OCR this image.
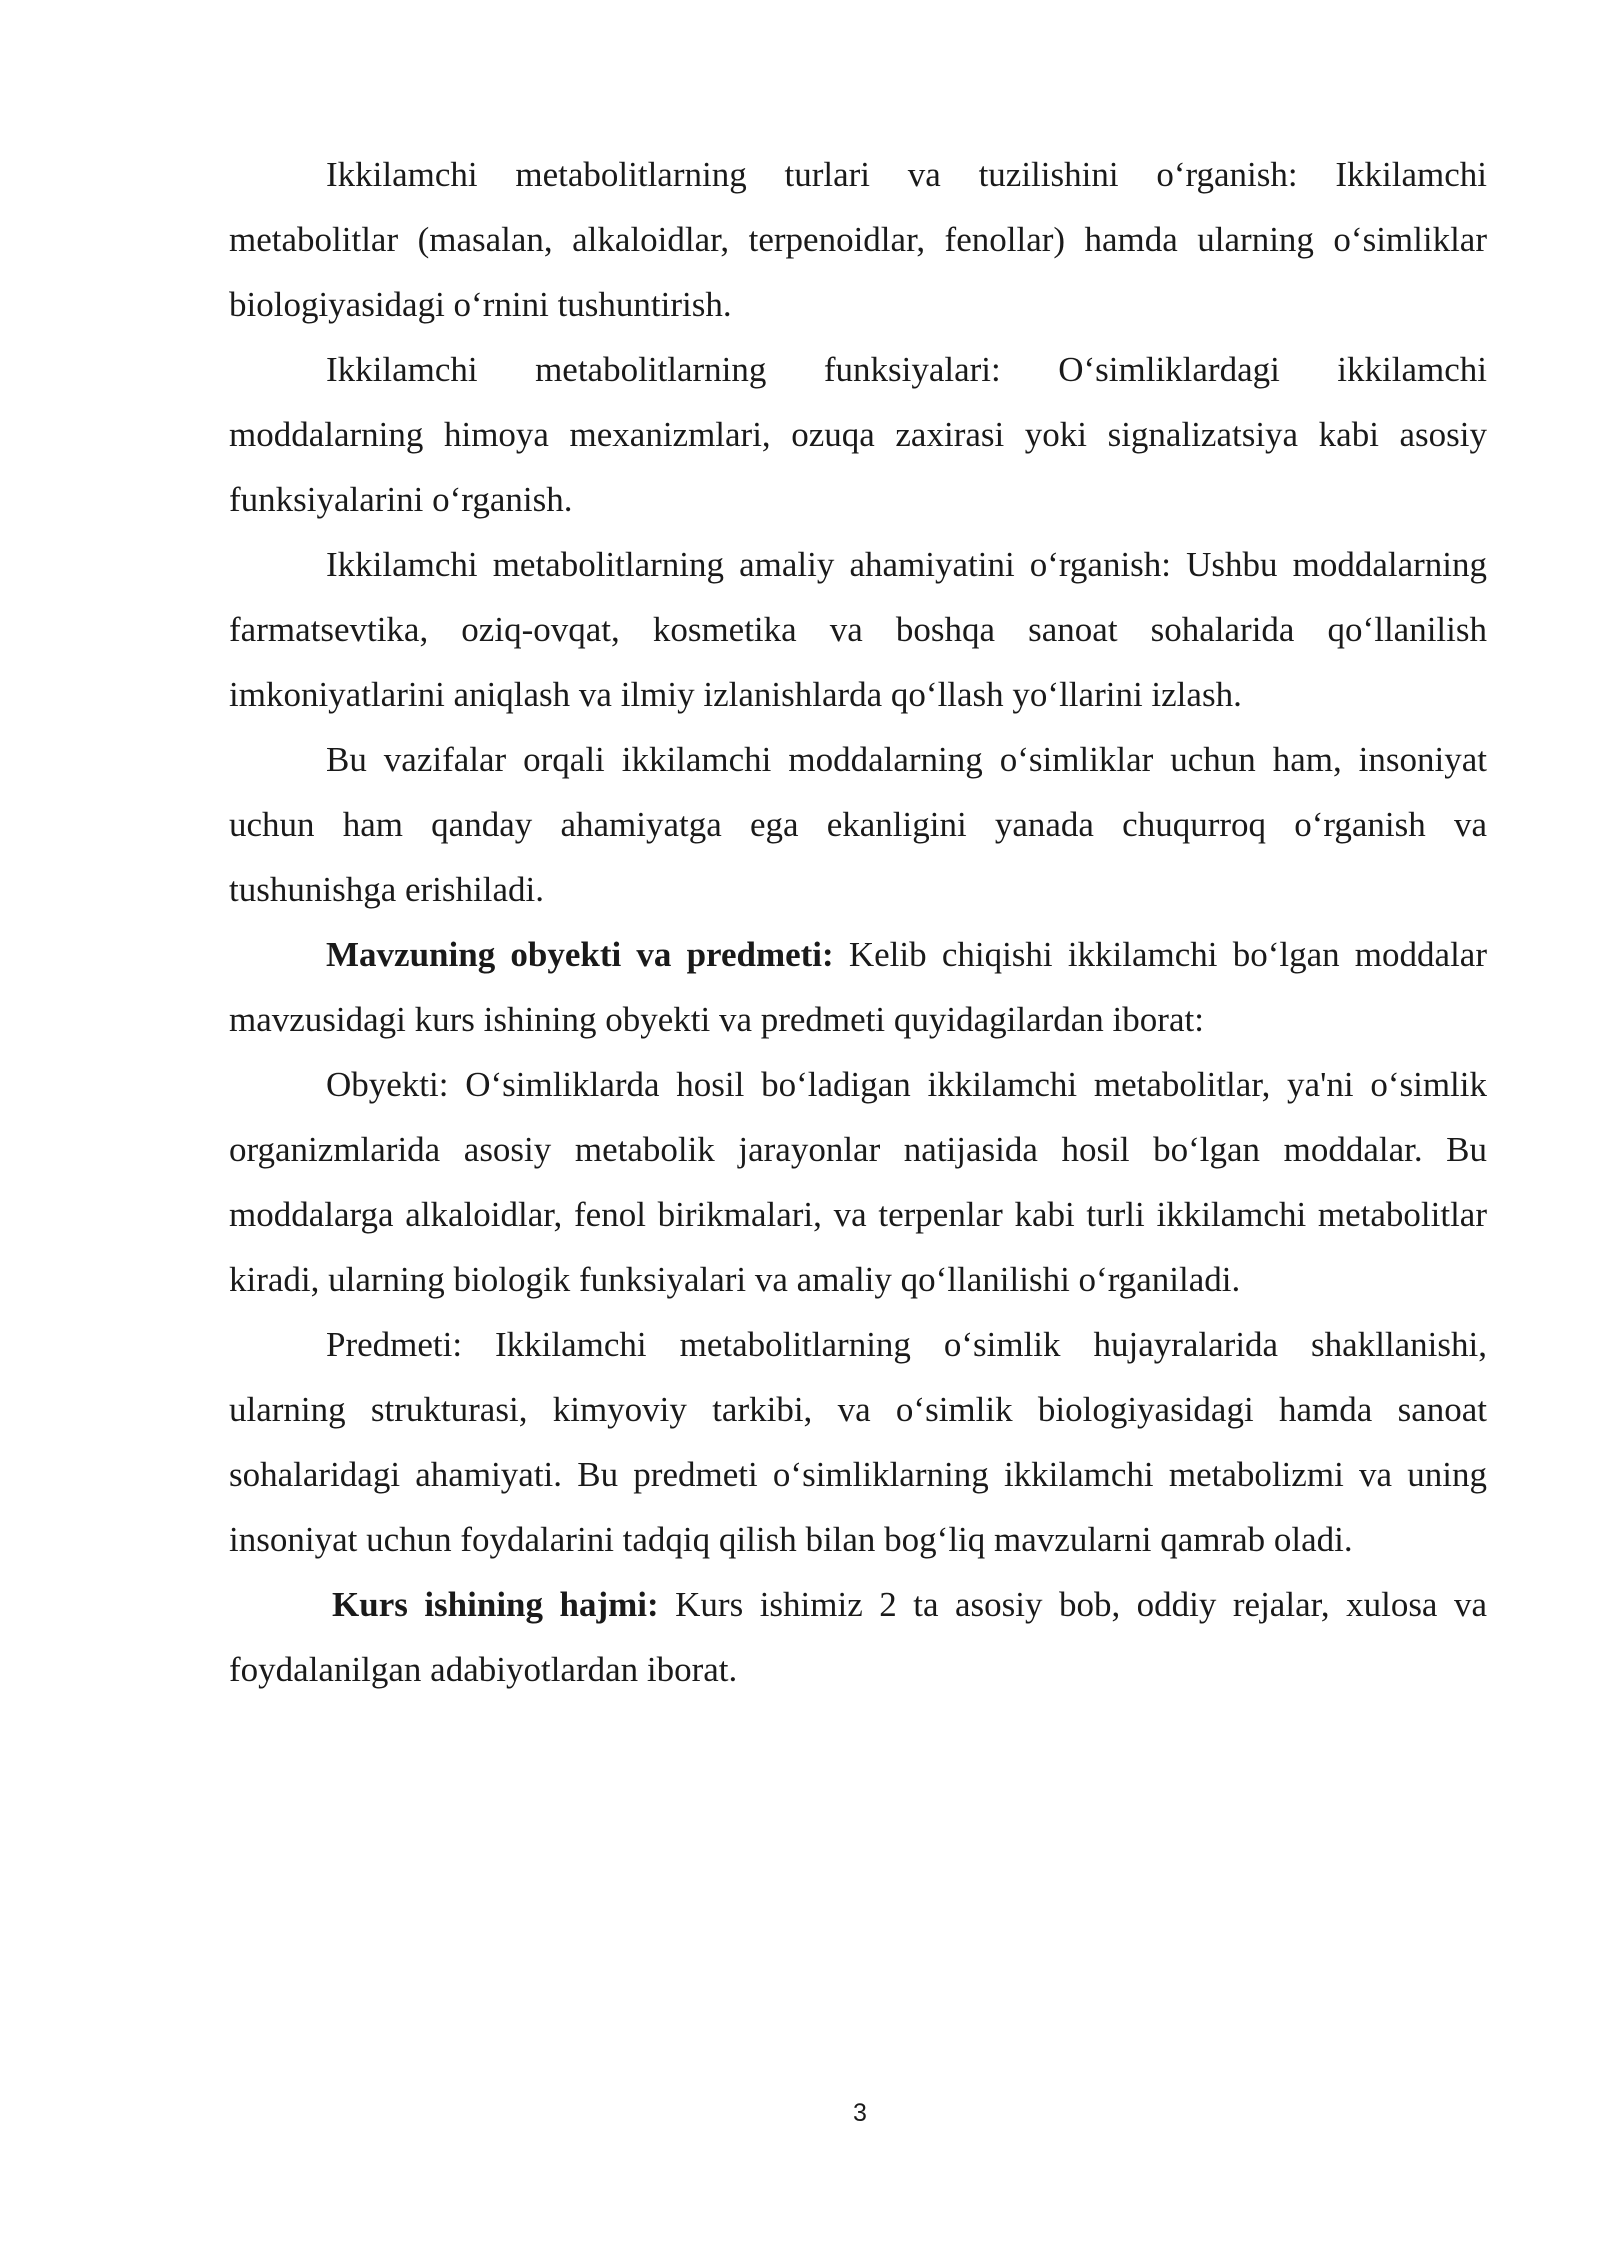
Ikkilamchi metabolitlarning turlari va tuzilishini o‘rganish: Ikkilamchi metabolitlar (masalan, alkaloidlar, terpenoidlar, fenollar) hamda ularning o‘simliklar biologiyasidagi o‘rnini tushuntirish.

Ikkilamchi metabolitlarning funksiyalari: O‘simliklardagi ikkilamchi moddalarning himoya mexanizmlari, ozuqa zaxirasi yoki signalizatsiya kabi asosiy funksiyalarini o‘rganish.

Ikkilamchi metabolitlarning amaliy ahamiyatini o‘rganish: Ushbu moddalarning farmatsevtika, oziq-ovqat, kosmetika va boshqa sanoat sohalarida qo‘llanilish imkoniyatlarini aniqlash va ilmiy izlanishlarda qo‘llash yo‘llarini izlash.

Bu vazifalar orqali ikkilamchi moddalarning o‘simliklar uchun ham, insoniyat uchun ham qanday ahamiyatga ega ekanligini yanada chuqurroq o‘rganish va tushunishga erishiladi.

Mavzuning obyekti va predmeti: Kelib chiqishi ikkilamchi bo‘lgan moddalar mavzusidagi kurs ishining obyekti va predmeti quyidagilardan iborat:

Obyekti: O‘simliklarda hosil bo‘ladigan ikkilamchi metabolitlar, ya'ni o‘simlik organizmlarida asosiy metabolik jarayonlar natijasida hosil bo‘lgan moddalar. Bu moddalarga alkaloidlar, fenol birikmalari, va terpenlar kabi turli ikkilamchi metabolitlar kiradi, ularning biologik funksiyalari va amaliy qo‘llanilishi o‘rganiladi.

Predmeti: Ikkilamchi metabolitlarning o‘simlik hujayralarida shakllanishi, ularning strukturasi, kimyoviy tarkibi, va o‘simlik biologiyasidagi hamda sanoat sohalaridagi ahamiyati. Bu predmeti o‘simliklarning ikkilamchi metabolizmi va uning insoniyat uchun foydalarini tadqiq qilish bilan bog‘liq mavzularni qamrab oladi.

Kurs ishining hajmi: Kurs ishimiz 2 ta asosiy bob, oddiy rejalar, xulosa va foydalanilgan adabiyotlardan iborat.

3
